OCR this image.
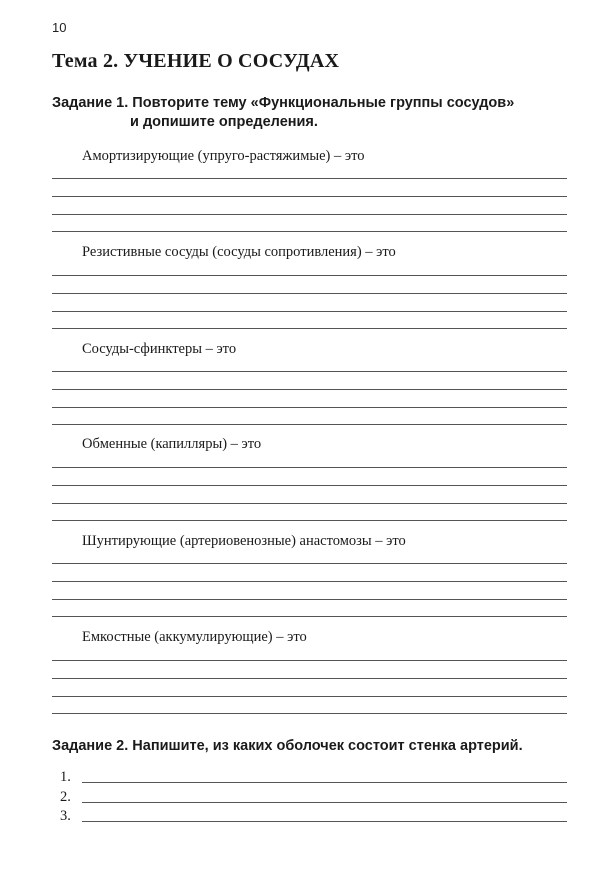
10
Тема 2. УЧЕНИЕ О СОСУДАХ
Задание 1. Повторите тему «Функциональные группы сосудов»
и допишите определения.
Амортизирующие (упруго-растяжимые) – это
Резистивные сосуды (сосуды сопротивления) – это
Сосуды-сфинктеры – это
Обменные (капилляры) – это
Шунтирующие (артериовенозные) анастомозы – это
Емкостные (аккумулирующие) – это
Задание 2. Напишите, из каких оболочек состоит стенка артерий.
1.
2.
3.
